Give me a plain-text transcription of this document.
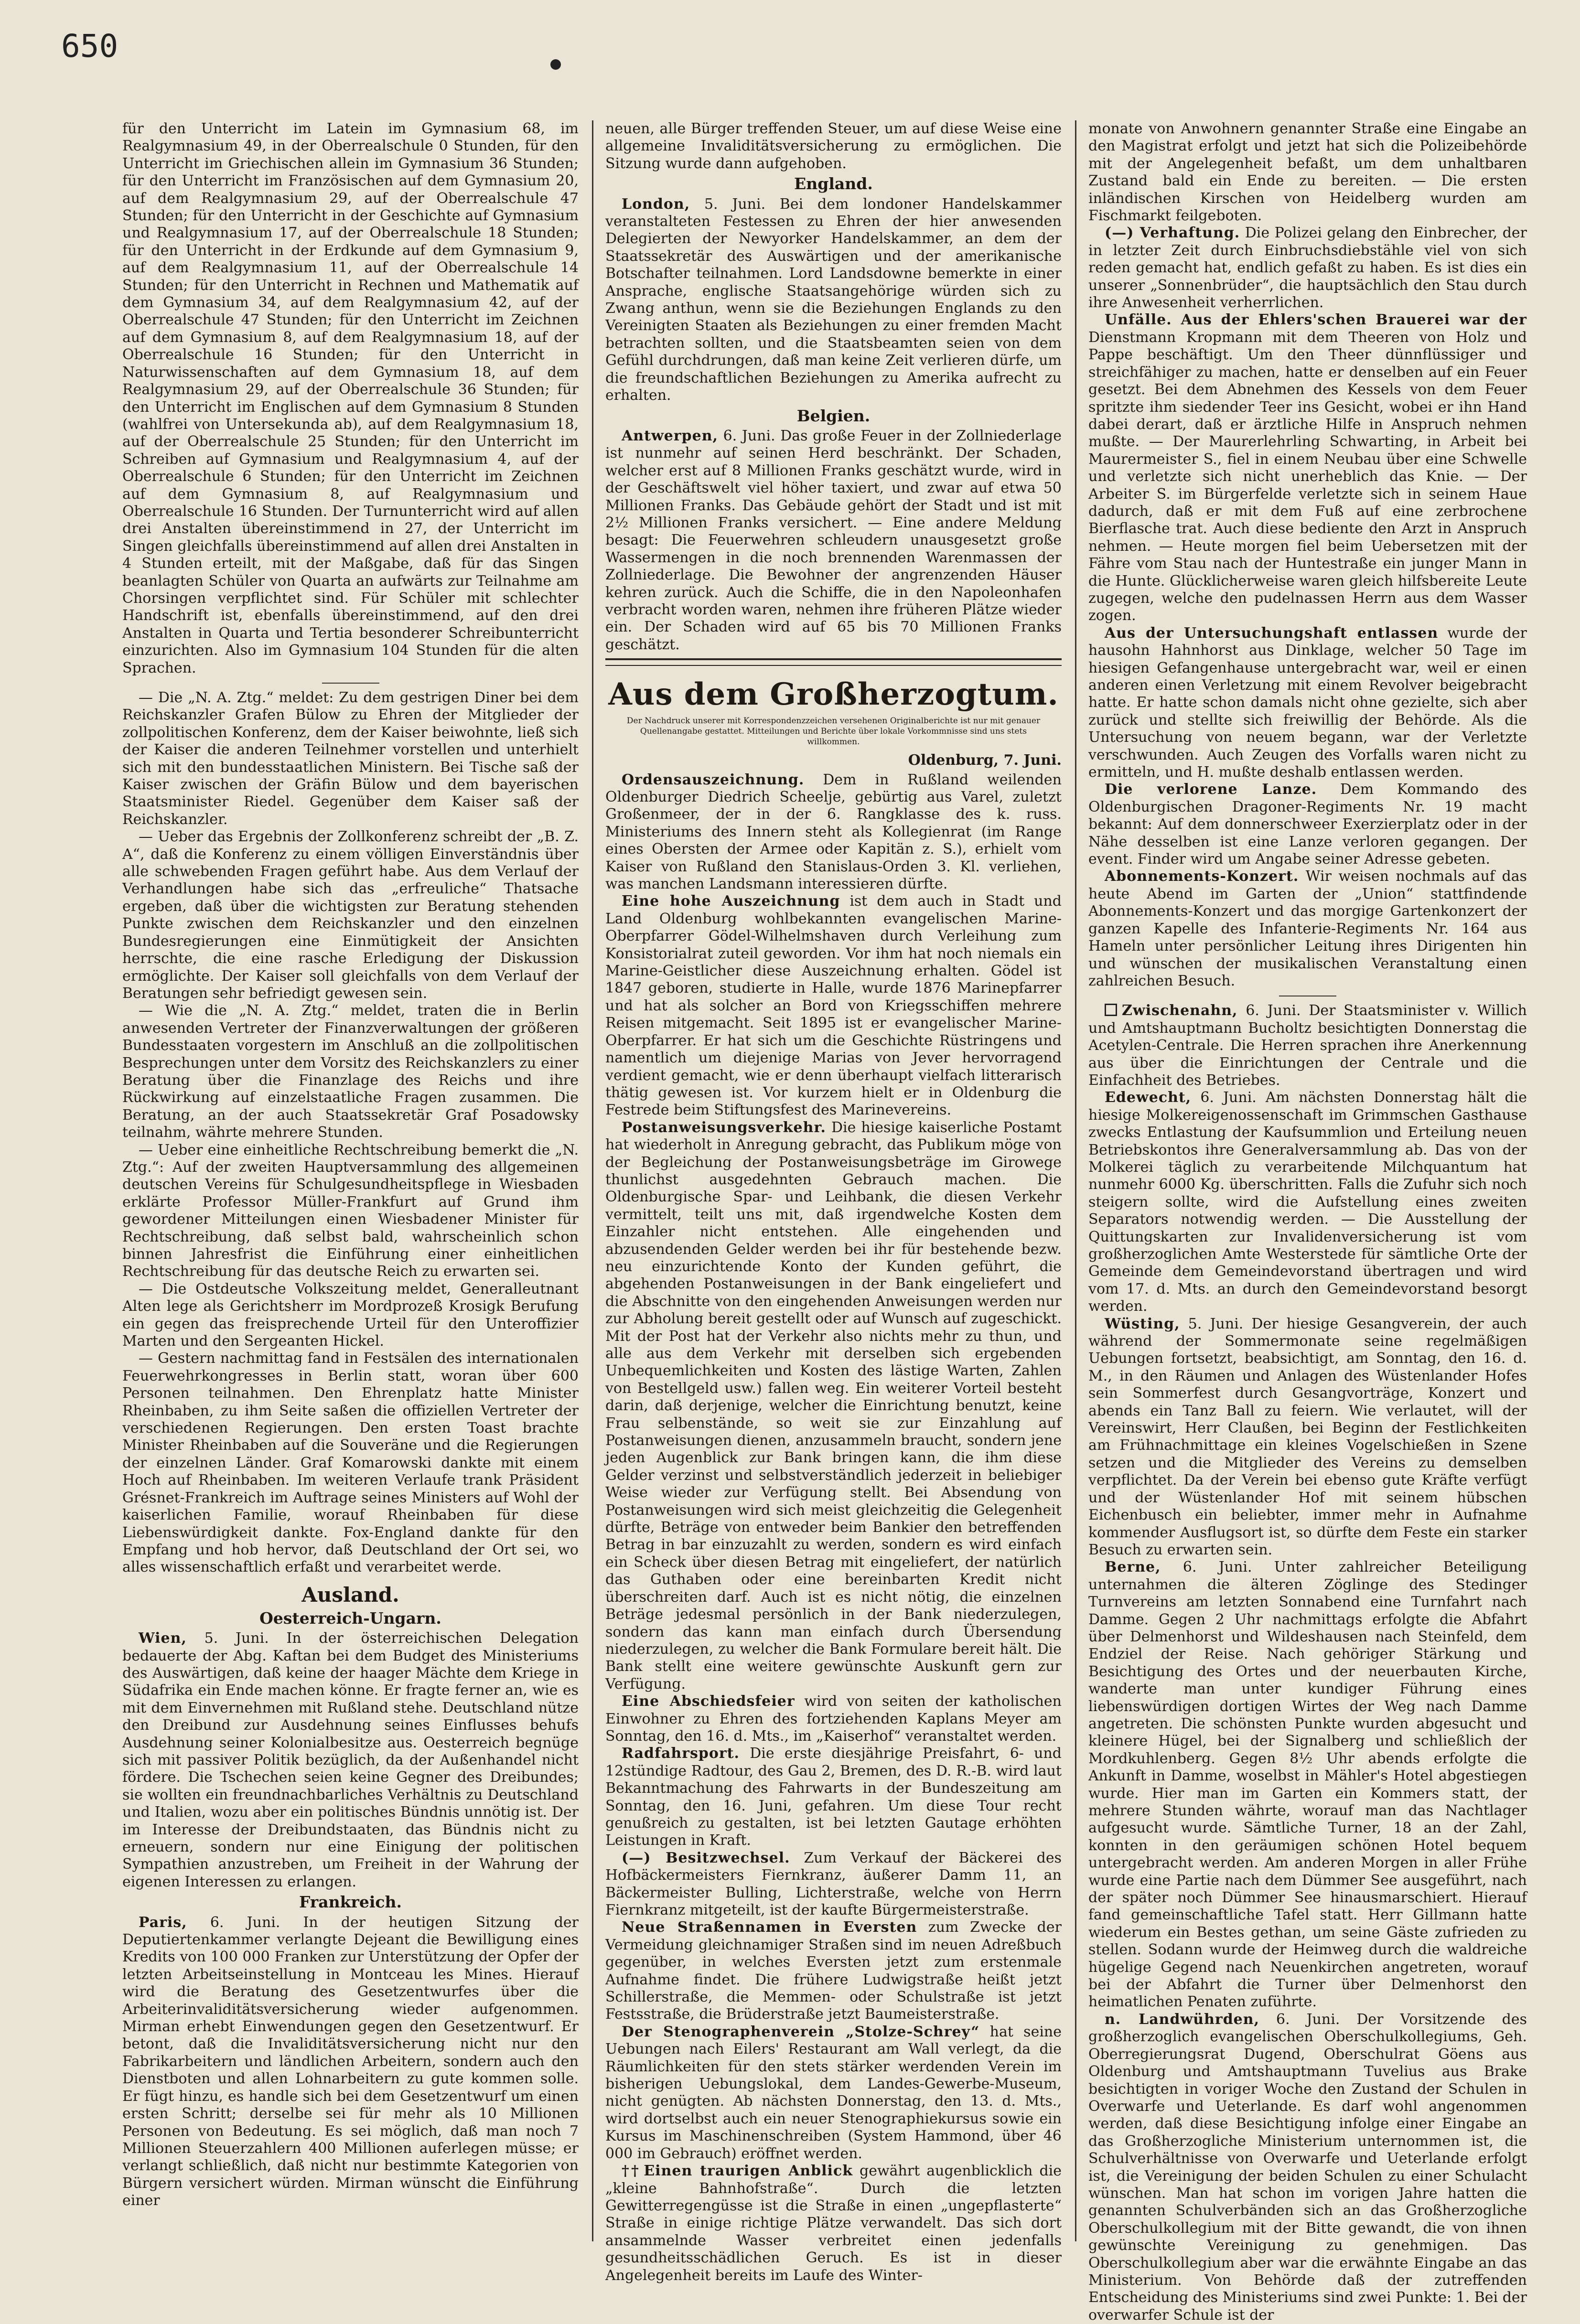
650

für den Unterricht im Latein im Gymnasium 68, im Realgymnasium 49, in der Oberrealschule 0 Stunden, für den Unterricht im Griechischen allein im Gymnasium 36 Stunden; für den Unterricht im Französischen auf dem Gymnasium 20, auf dem Realgymnasium 29, auf der Oberrealschule 47 Stunden; für den Unterricht in der Geschichte auf Gymnasium und Realgymnasium 17, auf der Oberrealschule 18 Stunden; für den Unterricht in der Erdkunde auf dem Gymnasium 9, auf dem Realgymnasium 11, auf der Oberrealschule 14 Stunden; für den Unterricht in Rechnen und Mathematik auf dem Gymnasium 34, auf dem Realgymnasium 42, auf der Oberrealschule 47 Stunden; für den Unterricht im Zeichnen auf dem Gymnasium 8, auf dem Realgymnasium 18, auf der Oberrealschule 16 Stunden; für den Unterricht in Naturwissenschaften auf dem Gymnasium 18, auf dem Realgymnasium 29, auf der Oberrealschule 36 Stunden; für den Unterricht im Englischen auf dem Gymnasium 8 Stunden (wahlfrei von Untersekunda ab), auf dem Realgymnasium 18, auf der Oberrealschule 25 Stunden; für den Unterricht im Schreiben auf Gymnasium und Realgymnasium 4, auf der Oberrealschule 6 Stunden; für den Unterricht im Zeichnen auf dem Gymnasium 8, auf Realgymnasium und Oberrealschule 16 Stunden. Der Turnunterricht wird auf allen drei Anstalten übereinstimmend in 27, der Unterricht im Singen gleichfalls übereinstimmend auf allen drei Anstalten in 4 Stunden erteilt, mit der Maßgabe, daß für das Singen beanlagten Schüler von Quarta an aufwärts zur Teilnahme am Chorsingen verpflichtet sind. Für Schüler mit schlechter Handschrift ist, ebenfalls übereinstimmend, auf den drei Anstalten in Quarta und Tertia besonderer Schreibunterricht einzurichten. Also im Gymnasium 104 Stunden für die alten Sprachen.

— Die „N. A. Ztg.“ meldet: Zu dem gestrigen Diner bei dem Reichskanzler Grafen Bülow zu Ehren der Mitglieder der zollpolitischen Konferenz, dem der Kaiser beiwohnte, ließ sich der Kaiser die anderen Teilnehmer vorstellen und unterhielt sich mit den bundesstaatlichen Ministern. Bei Tische saß der Kaiser zwischen der Gräfin Bülow und dem bayerischen Staatsminister Riedel. Gegenüber dem Kaiser saß der Reichskanzler.

— Ueber das Ergebnis der Zollkonferenz schreibt der „B. Z. A“, daß die Konferenz zu einem völligen Einverständnis über alle schwebenden Fragen geführt habe. Aus dem Verlauf der Verhandlungen habe sich das „erfreuliche“ Thatsache ergeben, daß über die wichtigsten zur Beratung stehenden Punkte zwischen dem Reichskanzler und den einzelnen Bundesregierungen eine Einmütigkeit der Ansichten herrschte, die eine rasche Erledigung der Diskussion ermöglichte. Der Kaiser soll gleichfalls von dem Verlauf der Beratungen sehr befriedigt gewesen sein.

— Wie die „N. A. Ztg.“ meldet, traten die in Berlin anwesenden Vertreter der Finanzverwaltungen der größeren Bundesstaaten vorgestern im Anschluß an die zollpolitischen Besprechungen unter dem Vorsitz des Reichskanzlers zu einer Beratung über die Finanzlage des Reichs und ihre Rückwirkung auf einzelstaatliche Fragen zusammen. Die Beratung, an der auch Staatssekretär Graf Posadowsky teilnahm, währte mehrere Stunden.

— Ueber eine einheitliche Rechtschreibung bemerkt die „N. Ztg.“: Auf der zweiten Hauptversammlung des allgemeinen deutschen Vereins für Schulgesundheitspflege in Wiesbaden erklärte Professor Müller-Frankfurt auf Grund ihm gewordener Mitteilungen einen Wiesbadener Minister für Rechtschreibung, daß selbst bald, wahrscheinlich schon binnen Jahresfrist die Einführung einer einheitlichen Rechtschreibung für das deutsche Reich zu erwarten sei.

— Die Ostdeutsche Volkszeitung meldet, Generalleutnant Alten lege als Gerichtsherr im Mordprozeß Krosigk Berufung ein gegen das freisprechende Urteil für den Unteroffizier Marten und den Sergeanten Hickel.

— Gestern nachmittag fand in Festsälen des internationalen Feuerwehrkongresses in Berlin statt, woran über 600 Personen teilnahmen. Den Ehrenplatz hatte Minister Rheinbaben, zu ihm Seite saßen die offiziellen Vertreter der verschiedenen Regierungen. Den ersten Toast brachte Minister Rheinbaben auf die Souveräne und die Regierungen der einzelnen Länder. Graf Komarowski dankte mit einem Hoch auf Rheinbaben. Im weiteren Verlaufe trank Präsident Grésnet-Frankreich im Auftrage seines Ministers auf Wohl der kaiserlichen Familie, worauf Rheinbaben für diese Liebenswürdigkeit dankte. Fox-England dankte für den Empfang und hob hervor, daß Deutschland der Ort sei, wo alles wissenschaftlich erfaßt und verarbeitet werde.

Ausland.
Oesterreich-Ungarn.

Wien, 5. Juni. In der österreichischen Delegation bedauerte der Abg. Kaftan bei dem Budget des Ministeriums des Auswärtigen, daß keine der haager Mächte dem Kriege in Südafrika ein Ende machen könne. Er fragte ferner an, wie es mit dem Einvernehmen mit Rußland stehe. Deutschland nütze den Dreibund zur Ausdehnung seines Einflusses behufs Ausdehnung seiner Kolonialbesitze aus. Oesterreich begnüge sich mit passiver Politik bezüglich, da der Außenhandel nicht fördere. Die Tschechen seien keine Gegner des Dreibundes; sie wollten ein freundnachbarliches Verhältnis zu Deutschland und Italien, wozu aber ein politisches Bündnis unnötig ist. Der im Interesse der Dreibundstaaten, das Bündnis nicht zu erneuern, sondern nur eine Einigung der politischen Sympathien anzustreben, um Freiheit in der Wahrung der eigenen Interessen zu erlangen.

Frankreich.

Paris, 6. Juni. In der heutigen Sitzung der Deputiertenkammer verlangte Dejeant die Bewilligung eines Kredits von 100 000 Franken zur Unterstützung der Opfer der letzten Arbeitseinstellung in Montceau les Mines. Hierauf wird die Beratung des Gesetzentwurfes über die Arbeiterinvaliditätsversicherung wieder aufgenommen. Mirman erhebt Einwendungen gegen den Gesetzentwurf. Er betont, daß die Invaliditätsversicherung nicht nur den Fabrikarbeitern und ländlichen Arbeitern, sondern auch den Dienstboten und allen Lohnarbeitern zu gute kommen solle. Er fügt hinzu, es handle sich bei dem Gesetzentwurf um einen ersten Schritt; derselbe sei für mehr als 10 Millionen Personen von Bedeutung. Es sei möglich, daß man noch 7 Millionen Steuerzahlern 400 Millionen auferlegen müsse; er verlangt schließlich, daß nicht nur bestimmte Kategorien von Bürgern versichert würden. Mirman wünscht die Einführung einer

neuen, alle Bürger treffenden Steuer, um auf diese Weise eine allgemeine Invaliditätsversicherung zu ermöglichen. Die Sitzung wurde dann aufgehoben.

England.

London, 5. Juni. Bei dem londoner Handelskammer veranstalteten Festessen zu Ehren der hier anwesenden Delegierten der Newyorker Handelskammer, an dem der Staatssekretär des Auswärtigen und der amerikanische Botschafter teilnahmen. Lord Landsdowne bemerkte in einer Ansprache, englische Staatsangehörige würden sich zu Zwang anthun, wenn sie die Beziehungen Englands zu den Vereinigten Staaten als Beziehungen zu einer fremden Macht betrachten sollten, und die Staatsbeamten seien von dem Gefühl durchdrungen, daß man keine Zeit verlieren dürfe, um die freundschaftlichen Beziehungen zu Amerika aufrecht zu erhalten.

Belgien.

Antwerpen, 6. Juni. Das große Feuer in der Zollniederlage ist nunmehr auf seinen Herd beschränkt. Der Schaden, welcher erst auf 8 Millionen Franks geschätzt wurde, wird in der Geschäftswelt viel höher taxiert, und zwar auf etwa 50 Millionen Franks. Das Gebäude gehört der Stadt und ist mit 2½ Millionen Franks versichert. — Eine andere Meldung besagt: Die Feuerwehren schleudern unausgesetzt große Wassermengen in die noch brennenden Warenmassen der Zollniederlage. Die Bewohner der angrenzenden Häuser kehren zurück. Auch die Schiffe, die in den Napoleonhafen verbracht worden waren, nehmen ihre früheren Plätze wieder ein. Der Schaden wird auf 65 bis 70 Millionen Franks geschätzt.

Aus dem Großherzogtum.
Der Nachdruck unserer mit Korrespondenzzeichen versehenen Originalberichte ist nur mit genauer Quellenangabe gestattet. Mitteilungen und Berichte über lokale Vorkommnisse sind uns stets willkommen.
Oldenburg, 7. Juni.

Ordensauszeichnung. Dem in Rußland weilenden Oldenburger Diedrich Scheelje, gebürtig aus Varel, zuletzt Großenmeer, der in der 6. Rangklasse des k. russ. Ministeriums des Innern steht als Kollegienrat (im Range eines Obersten der Armee oder Kapitän z. S.), erhielt vom Kaiser von Rußland den Stanislaus-Orden 3. Kl. verliehen, was manchen Landsmann interessieren dürfte.

Eine hohe Auszeichnung ist dem auch in Stadt und Land Oldenburg wohlbekannten evangelischen Marine-Oberpfarrer Gödel-Wilhelmshaven durch Verleihung zum Konsistorialrat zuteil geworden. Vor ihm hat noch niemals ein Marine-Geistlicher diese Auszeichnung erhalten. Gödel ist 1847 geboren, studierte in Halle, wurde 1876 Marinepfarrer und hat als solcher an Bord von Kriegsschiffen mehrere Reisen mitgemacht. Seit 1895 ist er evangelischer Marine-Oberpfarrer. Er hat sich um die Geschichte Rüstringens und namentlich um diejenige Marias von Jever hervorragend verdient gemacht, wie er denn überhaupt vielfach litterarisch thätig gewesen ist. Vor kurzem hielt er in Oldenburg die Festrede beim Stiftungsfest des Marinevereins.

Postanweisungsverkehr. Die hiesige kaiserliche Postamt hat wiederholt in Anregung gebracht, das Publikum möge von der Begleichung der Postanweisungsbeträge im Girowege thunlichst ausgedehnten Gebrauch machen. Die Oldenburgische Spar- und Leihbank, die diesen Verkehr vermittelt, teilt uns mit, daß irgendwelche Kosten dem Einzahler nicht entstehen. Alle eingehenden und abzusendenden Gelder werden bei ihr für bestehende bezw. neu einzurichtende Konto der Kunden geführt, die abgehenden Postanweisungen in der Bank eingeliefert und die Abschnitte von den eingehenden Anweisungen werden nur zur Abholung bereit gestellt oder auf Wunsch auf zugeschickt. Mit der Post hat der Verkehr also nichts mehr zu thun, und alle aus dem Verkehr mit derselben sich ergebenden Unbequemlichkeiten und Kosten des lästige Warten, Zahlen von Bestellgeld usw.) fallen weg. Ein weiterer Vorteil besteht darin, daß derjenige, welcher die Einrichtung benutzt, keine Frau selbenstände, so weit sie zur Einzahlung auf Postanweisungen dienen, anzusammeln braucht, sondern jene jeden Augenblick zur Bank bringen kann, die ihm diese Gelder verzinst und selbstverständlich jederzeit in beliebiger Weise wieder zur Verfügung stellt. Bei Absendung von Postanweisungen wird sich meist gleichzeitig die Gelegenheit dürfte, Beträge von entweder beim Bankier den betreffenden Betrag in bar einzuzahlt zu werden, sondern es wird einfach ein Scheck über diesen Betrag mit eingeliefert, der natürlich das Guthaben oder eine bereinbarten Kredit nicht überschreiten darf. Auch ist es nicht nötig, die einzelnen Beträge jedesmal persönlich in der Bank niederzulegen, sondern das kann man einfach durch Übersendung niederzulegen, zu welcher die Bank Formulare bereit hält. Die Bank stellt eine weitere gewünschte Auskunft gern zur Verfügung.

Eine Abschiedsfeier wird von seiten der katholischen Einwohner zu Ehren des fortziehenden Kaplans Meyer am Sonntag, den 16. d. Mts., im „Kaiserhof“ veranstaltet werden.

Radfahrsport. Die erste diesjährige Preisfahrt, 6- und 12stündige Radtour, des Gau 2, Bremen, des D. R.-B. wird laut Bekanntmachung des Fahrwarts in der Bundeszeitung am Sonntag, den 16. Juni, gefahren. Um diese Tour recht genußreich zu gestalten, ist bei letzten Gautage erhöhten Leistungen in Kraft.

(—) Besitzwechsel. Zum Verkauf der Bäckerei des Hofbäckermeisters Fiernkranz, äußerer Damm 11, an Bäckermeister Bulling, Lichterstraße, welche von Herrn Fiernkranz mitgeteilt, ist der kaufte Bürgermeisterstraße.

Neue Straßennamen in Eversten zum Zwecke der Vermeidung gleichnamiger Straßen sind im neuen Adreßbuch gegenüber, in welches Eversten jetzt zum erstenmale Aufnahme findet. Die frühere Ludwigstraße heißt jetzt Schillerstraße, die Memmen- oder Schulstraße ist jetzt Festsstraße, die Brüderstraße jetzt Baumeisterstraße.

Der Stenographenverein „Stolze-Schrey“ hat seine Uebungen nach Eilers' Restaurant am Wall verlegt, da die Räumlichkeiten für den stets stärker werdenden Verein im bisherigen Uebungslokal, dem Landes-Gewerbe-Museum, nicht genügten. Ab nächsten Donnerstag, den 13. d. Mts., wird dortselbst auch ein neuer Stenographiekursus sowie ein Kursus im Maschinenschreiben (System Hammond, über 46 000 im Gebrauch) eröffnet werden.

†† Einen traurigen Anblick gewährt augenblicklich die „kleine Bahnhofstraße“. Durch die letzten Gewitterregengüsse ist die Straße in einen „ungepflasterte“ Straße in einige richtige Plätze verwandelt. Das sich dort ansammelnde Wasser verbreitet einen jedenfalls gesundheitsschädlichen Geruch. Es ist in dieser Angelegenheit bereits im Laufe des Winter-

monate von Anwohnern genannter Straße eine Eingabe an den Magistrat erfolgt und jetzt hat sich die Polizeibehörde mit der Angelegenheit befaßt, um dem unhaltbaren Zustand bald ein Ende zu bereiten. — Die ersten inländischen Kirschen von Heidelberg wurden am Fischmarkt feilgeboten.

(—) Verhaftung. Die Polizei gelang den Einbrecher, der in letzter Zeit durch Einbruchsdiebstähle viel von sich reden gemacht hat, endlich gefaßt zu haben. Es ist dies ein unserer „Sonnenbrüder“, die hauptsächlich den Stau durch ihre Anwesenheit verherrlichen.

Unfälle. Aus der Ehlers'schen Brauerei war der Dienstmann Kropmann mit dem Theeren von Holz und Pappe beschäftigt. Um den Theer dünnflüssiger und streichfähiger zu machen, hatte er denselben auf ein Feuer gesetzt. Bei dem Abnehmen des Kessels von dem Feuer spritzte ihm siedender Teer ins Gesicht, wobei er ihn Hand dabei derart, daß er ärztliche Hilfe in Anspruch nehmen mußte. — Der Maurerlehrling Schwarting, in Arbeit bei Maurermeister S., fiel in einem Neubau über eine Schwelle und verletzte sich nicht unerheblich das Knie. — Der Arbeiter S. im Bürgerfelde verletzte sich in seinem Haue dadurch, daß er mit dem Fuß auf eine zerbrochene Bierflasche trat. Auch diese bediente den Arzt in Anspruch nehmen. — Heute morgen fiel beim Uebersetzen mit der Fähre vom Stau nach der Huntestraße ein junger Mann in die Hunte. Glücklicherweise waren gleich hilfsbereite Leute zugegen, welche den pudelnassen Herrn aus dem Wasser zogen.

Aus der Untersuchungshaft entlassen wurde der hausohn Hahnhorst aus Dinklage, welcher 50 Tage im hiesigen Gefangenhause untergebracht war, weil er einen anderen einen Verletzung mit einem Revolver beigebracht hatte. Er hatte schon damals nicht ohne gezielte, sich aber zurück und stellte sich freiwillig der Behörde. Als die Untersuchung von neuem begann, war der Verletzte verschwunden. Auch Zeugen des Vorfalls waren nicht zu ermitteln, und H. mußte deshalb entlassen werden.

Die verlorene Lanze. Dem Kommando des Oldenburgischen Dragoner-Regiments Nr. 19 macht bekannt: Auf dem donnerschweer Exerzierplatz oder in der Nähe desselben ist eine Lanze verloren gegangen. Der event. Finder wird um Angabe seiner Adresse gebeten.

Abonnements-Konzert. Wir weisen nochmals auf das heute Abend im Garten der „Union“ stattfindende Abonnements-Konzert und das morgige Gartenkonzert der ganzen Kapelle des Infanterie-Regiments Nr. 164 aus Hameln unter persönlicher Leitung ihres Dirigenten hin und wünschen der musikalischen Veranstaltung einen zahlreichen Besuch.

Zwischenahn, 6. Juni. Der Staatsminister v. Willich und Amtshauptmann Bucholtz besichtigten Donnerstag die Acetylen-Centrale. Die Herren sprachen ihre Anerkennung aus über die Einrichtungen der Centrale und die Einfachheit des Betriebes.

Edewecht, 6. Juni. Am nächsten Donnerstag hält die hiesige Molkereigenossenschaft im Grimmschen Gasthause zwecks Entlastung der Kaufsummlion und Erteilung neuen Betriebskontos ihre Generalversammlung ab. Das von der Molkerei täglich zu verarbeitende Milchquantum hat nunmehr 6000 Kg. überschritten. Falls die Zufuhr sich noch steigern sollte, wird die Aufstellung eines zweiten Separators notwendig werden. — Die Ausstellung der Quittungskarten zur Invalidenversicherung ist vom großherzoglichen Amte Westerstede für sämtliche Orte der Gemeinde dem Gemeindevorstand übertragen und wird vom 17. d. Mts. an durch den Gemeindevorstand besorgt werden.

Wüsting, 5. Juni. Der hiesige Gesangverein, der auch während der Sommermonate seine regelmäßigen Uebungen fortsetzt, beabsichtigt, am Sonntag, den 16. d. M., in den Räumen und Anlagen des Wüstenlander Hofes sein Sommerfest durch Gesangvorträge, Konzert und abends ein Tanz Ball zu feiern. Wie verlautet, will der Vereinswirt, Herr Claußen, bei Beginn der Festlichkeiten am Frühnachmittage ein kleines Vogelschießen in Szene setzen und die Mitglieder des Vereins zu demselben verpflichtet. Da der Verein bei ebenso gute Kräfte verfügt und der Wüstenlander Hof mit seinem hübschen Eichenbusch ein beliebter, immer mehr in Aufnahme kommender Ausflugsort ist, so dürfte dem Feste ein starker Besuch zu erwarten sein.

Berne, 6. Juni. Unter zahlreicher Beteiligung unternahmen die älteren Zöglinge des Stedinger Turnvereins am letzten Sonnabend eine Turnfahrt nach Damme. Gegen 2 Uhr nachmittags erfolgte die Abfahrt über Delmenhorst und Wildeshausen nach Steinfeld, dem Endziel der Reise. Nach gehöriger Stärkung und Besichtigung des Ortes und der neuerbauten Kirche, wanderte man unter kundiger Führung eines liebenswürdigen dortigen Wirtes der Weg nach Damme angetreten. Die schönsten Punkte wurden abgesucht und kleinere Hügel, bei der Signalberg und schließlich der Mordkuhlenberg. Gegen 8½ Uhr abends erfolgte die Ankunft in Damme, woselbst in Mähler's Hotel abgestiegen wurde. Hier man im Garten ein Kommers statt, der mehrere Stunden währte, worauf man das Nachtlager aufgesucht wurde. Sämtliche Turner, 18 an der Zahl, konnten in den geräumigen schönen Hotel bequem untergebracht werden. Am anderen Morgen in aller Frühe wurde eine Partie nach dem Dümmer See ausgeführt, nach der später noch Dümmer See hinausmarschiert. Hierauf fand gemeinschaftliche Tafel statt. Herr Gillmann hatte wiederum ein Bestes gethan, um seine Gäste zufrieden zu stellen. Sodann wurde der Heimweg durch die waldreiche hügelige Gegend nach Neuenkirchen angetreten, worauf bei der Abfahrt die Turner über Delmenhorst den heimatlichen Penaten zuführte.

n. Landwührden, 6. Juni. Der Vorsitzende des großherzoglich evangelischen Oberschulkollegiums, Geh. Oberregierungsrat Dugend, Oberschulrat Göens aus Oldenburg und Amtshauptmann Tuvelius aus Brake besichtigten in voriger Woche den Zustand der Schulen in Overwarfe und Ueterlande. Es darf wohl angenommen werden, daß diese Besichtigung infolge einer Eingabe an das Großherzogliche Ministerium unternommen ist, die Schulverhältnisse von Overwarfe und Ueterlande erfolgt ist, die Vereinigung der beiden Schulen zu einer Schulacht wünschen. Man hat schon im vorigen Jahre hatten die genannten Schulverbänden sich an das Großherzogliche Oberschulkollegium mit der Bitte gewandt, die von ihnen gewünschte Vereinigung zu genehmigen. Das Oberschulkollegium aber war die erwähnte Eingabe an das Ministerium. Von Behörde daß der zutreffenden Entscheidung des Ministeriums sind zwei Punkte: 1. Bei der overwarfer Schule ist der
